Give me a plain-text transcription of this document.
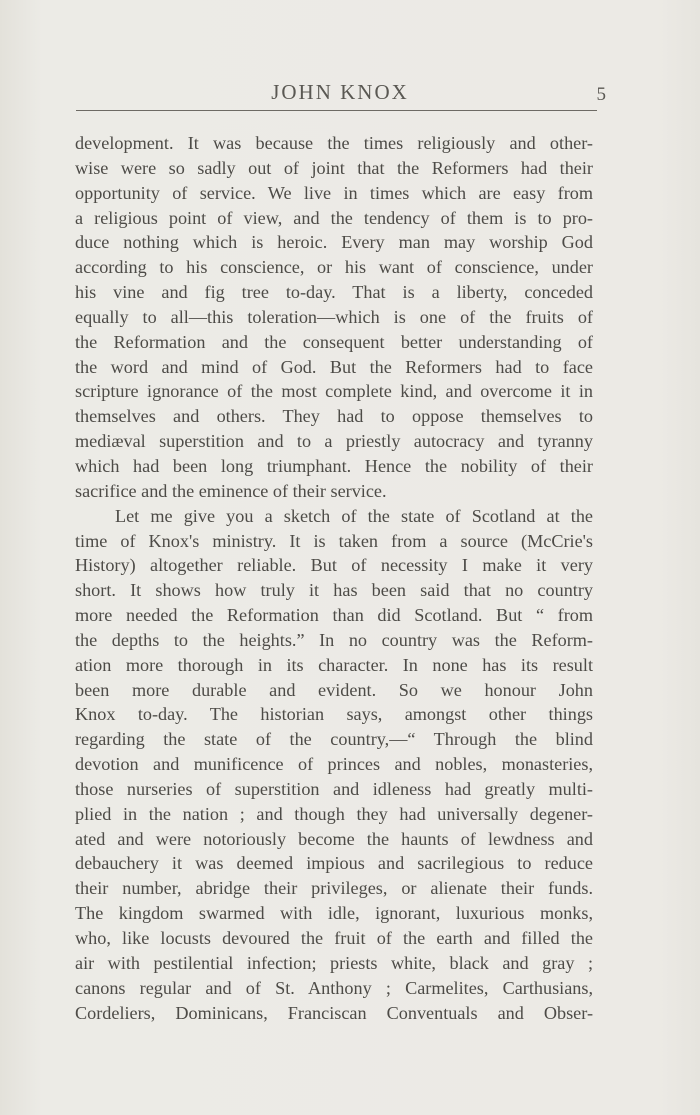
JOHN KNOX	5
development. It was because the times religiously and other-
wise were so sadly out of joint that the Reformers had their
opportunity of service. We live in times which are easy from
a religious point of view, and the tendency of them is to pro-
duce nothing which is heroic. Every man may worship God
according to his conscience, or his want of conscience, under
his vine and fig tree to-day. That is a liberty, conceded
equally to all—this toleration—which is one of the fruits of
the Reformation and the consequent better understanding of
the word and mind of God. But the Reformers had to face
scripture ignorance of the most complete kind, and overcome it in
themselves and others. They had to oppose themselves to
mediæval superstition and to a priestly autocracy and tyranny
which had been long triumphant. Hence the nobility of their
sacrifice and the eminence of their service.
Let me give you a sketch of the state of Scotland at the
time of Knox's ministry. It is taken from a source (McCrie's
History) altogether reliable. But of necessity I make it very
short. It shows how truly it has been said that no country
more needed the Reformation than did Scotland. But “ from
the depths to the heights.” In no country was the Reform-
ation more thorough in its character. In none has its result
been more durable and evident. So we honour John
Knox to-day. The historian says, amongst other things
regarding the state of the country,—“ Through the blind
devotion and munificence of princes and nobles, monasteries,
those nurseries of superstition and idleness had greatly multi-
plied in the nation ; and though they had universally degener-
ated and were notoriously become the haunts of lewdness and
debauchery it was deemed impious and sacrilegious to reduce
their number, abridge their privileges, or alienate their funds.
The kingdom swarmed with idle, ignorant, luxurious monks,
who, like locusts devoured the fruit of the earth and filled the
air with pestilential infection; priests white, black and gray ;
canons regular and of St. Anthony ; Carmelites, Carthusians,
Cordeliers, Dominicans, Franciscan Conventuals and Obser-
